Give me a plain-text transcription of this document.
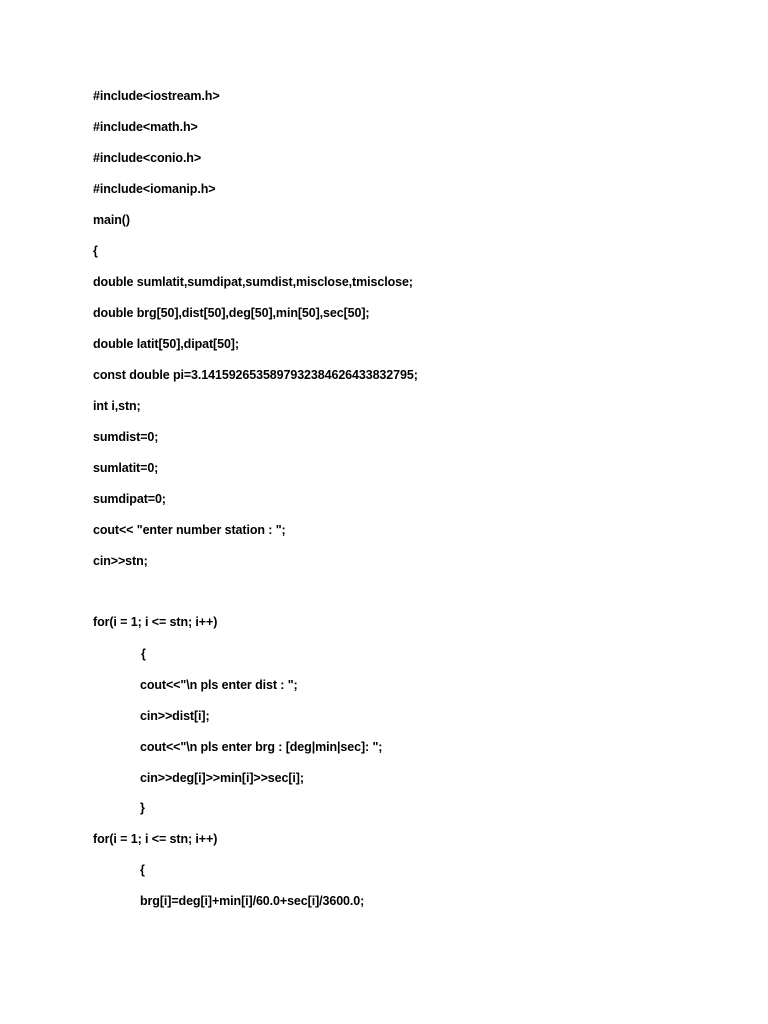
#include<iostream.h>
#include<math.h>
#include<conio.h>
#include<iomanip.h>
main()
{
double sumlatit,sumdipat,sumdist,misclose,tmisclose;
double brg[50],dist[50],deg[50],min[50],sec[50];
double latit[50],dipat[50];
const double pi=3.14159265358979323846264338327​95;
int i,stn;
sumdist=0;
sumlatit=0;
sumdipat=0;
cout<< "enter number station : ";
cin>>stn;
for(i = 1; i <= stn; i++)
{
cout<<"\n pls enter dist : ";
cin>>dist[i];
cout<<"\n pls enter brg : [deg|min|sec]: ";
cin>>deg[i]>>min[i]>>sec[i];
}
for(i = 1; i <= stn; i++)
{
brg[i]=deg[i]+min[i]/60.0+sec[i]/3600.0;
